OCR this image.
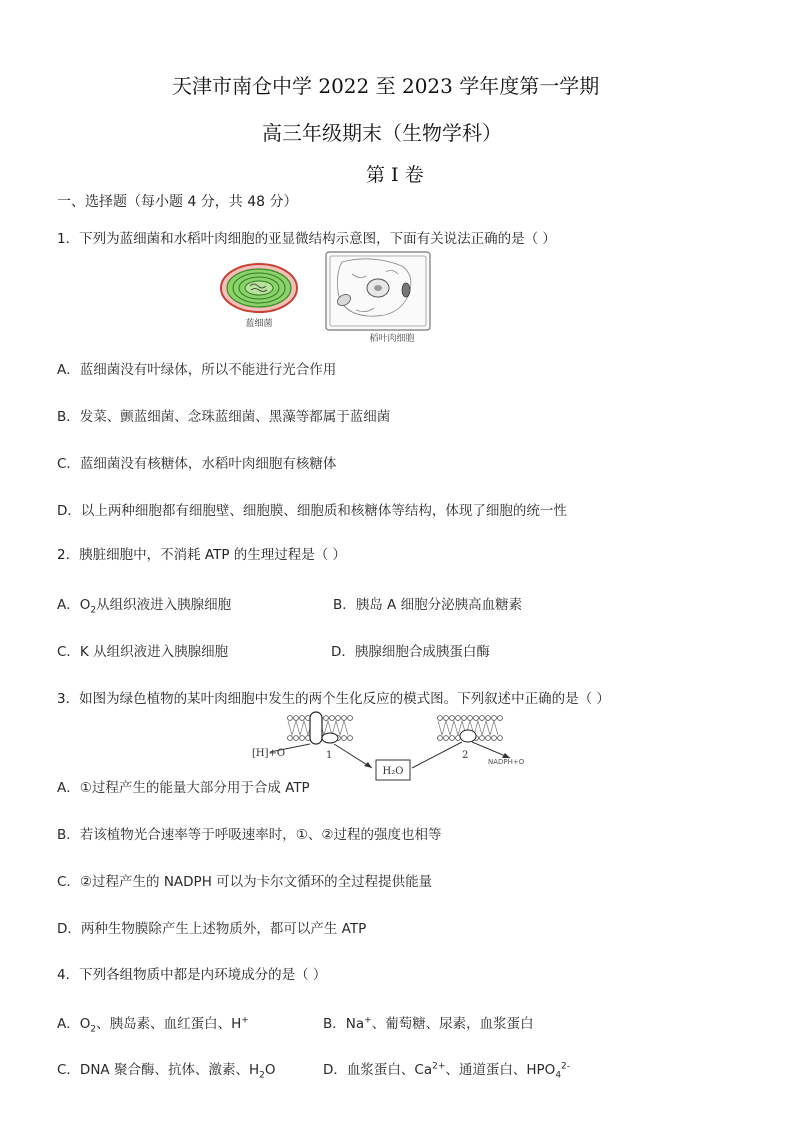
天津市南仓中学 2022 至 2023 学年度第一学期
高三年级期末（生物学科）
第 I 卷
一、选择题（每小题 4 分，共 48 分）
1．下列为蓝细菌和水稻叶肉细胞的亚显微结构示意图，下面有关说法正确的是（ ）
蓝细菌
稻叶肉细胞
A．蓝细菌没有叶绿体，所以不能进行光合作用
B．发菜、颤蓝细菌、念珠蓝细菌、黑藻等都属于蓝细菌
C．蓝细菌没有核糖体，水稻叶肉细胞有核糖体
D．以上两种细胞都有细胞壁、细胞膜、细胞质和核糖体等结构，体现了细胞的统一性
2．胰脏细胞中，不消耗 ATP 的生理过程是（ ）
A．$O_2$从组织液进入胰腺细胞	B．胰岛 A 细胞分泌胰高血糖素
C．K 从组织液进入胰腺细胞	D．胰腺细胞合成胰蛋白酶
3．如图为绿色植物的某叶肉细胞中发生的两个生化反应的模式图。下列叙述中正确的是（ ）
H₂O
[H]+O	1	2
NADPH+O
A．①过程产生的能量大部分用于合成 ATP
B．若该植物光合速率等于呼吸速率时，①、②过程的强度也相等
C．②过程产生的 NADPH 可以为卡尔文循环的全过程提供能量
D．两种生物膜除产生上述物质外，都可以产生 ATP
4．下列各组物质中都是内环境成分的是（ ）
A．$O_2$、胰岛素、血红蛋白、H+	B．Na+、葡萄糖、尿素，血浆蛋白
C．DNA 聚合酶、抗体、激素、$H_2O$	D．血浆蛋白、$Ca^{2+}$、通道蛋白、$HPO_4^{2-}$
